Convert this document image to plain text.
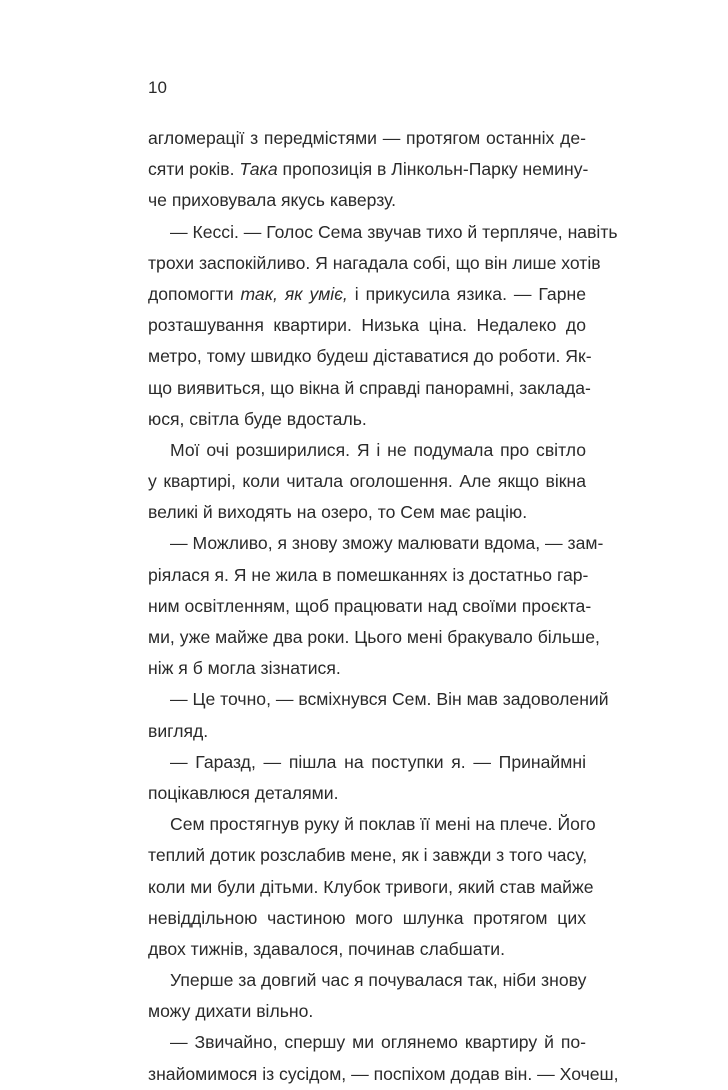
10
агломерації з передмістями — протягом останніх де-
сяти років. Така пропозиція в Лінкольн-Парку немину-
че приховувала якусь каверзу.
— Кессі. — Голос Сема звучав тихо й терпляче, навіть
трохи заспокійливо. Я нагадала собі, що він лише хотів
допомогти так, як уміє, і прикусила язика. — Гарне
розташування квартири. Низька ціна. Недалеко до
метро, тому швидко будеш діставатися до роботи. Як-
що виявиться, що вікна й справді панорамні, заклада-
юся, світла буде вдосталь.
Мої очі розширилися. Я і не подумала про світло
у квартирі, коли читала оголошення. Але якщо вікна
великі й виходять на озеро, то Сем має рацію.
— Можливо, я знову зможу малювати вдома, — зам-
ріялася я. Я не жила в помешканнях із достатньо гар-
ним освітленням, щоб працювати над своїми проєкта-
ми, уже майже два роки. Цього мені бракувало більше,
ніж я б могла зізнатися.
— Це точно, — всміхнувся Сем. Він мав задоволений
вигляд.
— Гаразд, — пішла на поступки я. — Принаймні
поцікавлюся деталями.
Сем простягнув руку й поклав її мені на плече. Його
теплий дотик розслабив мене, як і завжди з того часу,
коли ми були дітьми. Клубок тривоги, який став майже
невіддільною частиною мого шлунка протягом цих
двох тижнів, здавалося, починав слабшати.
Уперше за довгий час я почувалася так, ніби знову
можу дихати вільно.
— Звичайно, спершу ми оглянемо квартиру й по-
знайомимося із сусідом, — поспіхом додав він. — Хочеш,
